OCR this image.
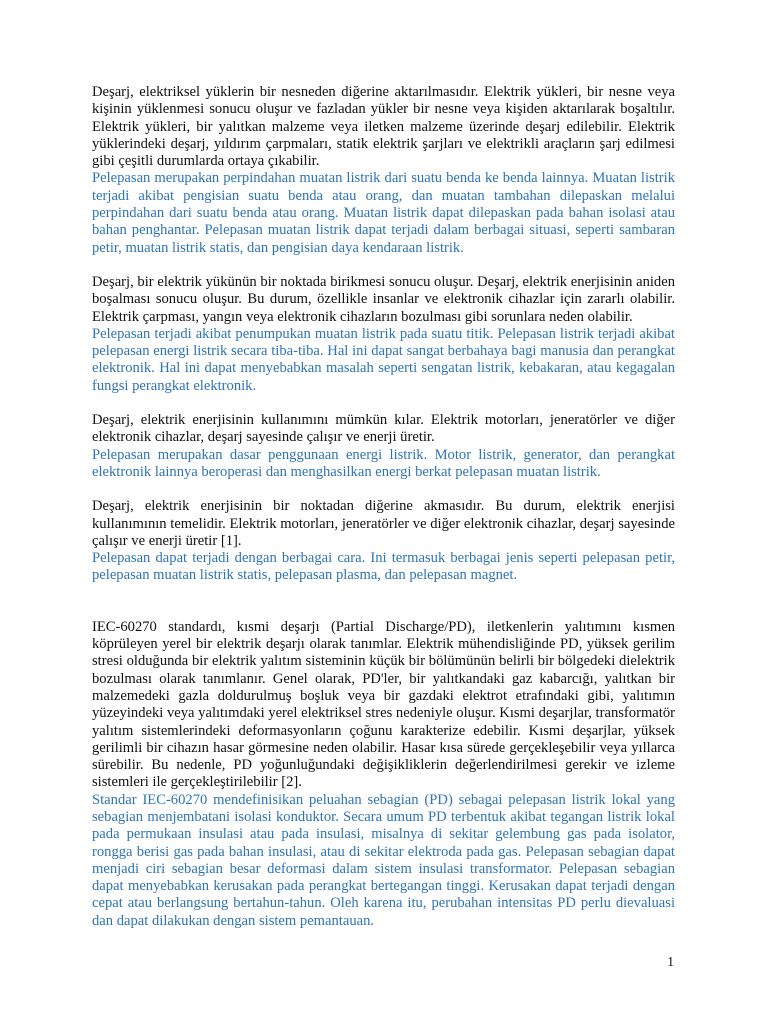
Deşarj, elektriksel yüklerin bir nesneden diğerine aktarılmasıdır. Elektrik yükleri, bir nesne veya kişinin yüklenmesi sonucu oluşur ve fazladan yükler bir nesne veya kişiden aktarılarak boşaltılır. Elektrik yükleri, bir yalıtkan malzeme veya iletken malzeme üzerinde deşarj edilebilir. Elektrik yüklerindeki deşarj, yıldırım çarpmaları, statik elektrik şarjları ve elektrikli araçların şarj edilmesi gibi çeşitli durumlarda ortaya çıkabilir.

Pelepasan merupakan perpindahan muatan listrik dari suatu benda ke benda lainnya. Muatan listrik terjadi akibat pengisian suatu benda atau orang, dan muatan tambahan dilepaskan melalui perpindahan dari suatu benda atau orang. Muatan listrik dapat dilepaskan pada bahan isolasi atau bahan penghantar. Pelepasan muatan listrik dapat terjadi dalam berbagai situasi, seperti sambaran petir, muatan listrik statis, dan pengisian daya kendaraan listrik.

Deşarj, bir elektrik yükünün bir noktada birikmesi sonucu oluşur. Deşarj, elektrik enerjisinin aniden boşalması sonucu oluşur. Bu durum, özellikle insanlar ve elektronik cihazlar için zararlı olabilir. Elektrik çarpması, yangın veya elektronik cihazların bozulması gibi sorunlara neden olabilir.

Pelepasan terjadi akibat penumpukan muatan listrik pada suatu titik. Pelepasan listrik terjadi akibat pelepasan energi listrik secara tiba-tiba. Hal ini dapat sangat berbahaya bagi manusia dan perangkat elektronik. Hal ini dapat menyebabkan masalah seperti sengatan listrik, kebakaran, atau kegagalan fungsi perangkat elektronik.

Deşarj, elektrik enerjisinin kullanımını mümkün kılar. Elektrik motorları, jeneratörler ve diğer elektronik cihazlar, deşarj sayesinde çalışır ve enerji üretir.

Pelepasan merupakan dasar penggunaan energi listrik. Motor listrik, generator, dan perangkat elektronik lainnya beroperasi dan menghasilkan energi berkat pelepasan muatan listrik.

Deşarj, elektrik enerjisinin bir noktadan diğerine akmasıdır. Bu durum, elektrik enerjisi kullanımının temelidir. Elektrik motorları, jeneratörler ve diğer elektronik cihazlar, deşarj sayesinde çalışır ve enerji üretir [1].

Pelepasan dapat terjadi dengan berbagai cara. Ini termasuk berbagai jenis seperti pelepasan petir, pelepasan muatan listrik statis, pelepasan plasma, dan pelepasan magnet.

IEC-60270 standardı, kısmi deşarjı (Partial Discharge/PD), iletkenlerin yalıtımını kısmen köprüleyen yerel bir elektrik deşarjı olarak tanımlar. Elektrik mühendisliğinde PD, yüksek gerilim stresi olduğunda bir elektrik yalıtım sisteminin küçük bir bölümünün belirli bir bölgedeki dielektrik bozulması olarak tanımlanır. Genel olarak, PD'ler, bir yalıtkandaki gaz kabarcığı, yalıtkan bir malzemedeki gazla doldurulmuş boşluk veya bir gazdaki elektrot etrafındaki gibi, yalıtımın yüzeyindeki veya yalıtımdaki yerel elektriksel stres nedeniyle oluşur. Kısmi deşarjlar, transformatör yalıtım sistemlerindeki deformasyonların çoğunu karakterize edebilir. Kısmi deşarjlar, yüksek gerilimli bir cihazın hasar görmesine neden olabilir. Hasar kısa sürede gerçekleşebilir veya yıllarca sürebilir. Bu nedenle, PD yoğunluğundaki değişikliklerin değerlendirilmesi gerekir ve izleme sistemleri ile gerçekleştirilebilir [2].

Standar IEC-60270 mendefinisikan peluahan sebagian (PD) sebagai pelepasan listrik lokal yang sebagian menjembatani isolasi konduktor. Secara umum PD terbentuk akibat tegangan listrik lokal pada permukaan insulasi atau pada insulasi, misalnya di sekitar gelembung gas pada isolator, rongga berisi gas pada bahan insulasi, atau di sekitar elektroda pada gas. Pelepasan sebagian dapat menjadi ciri sebagian besar deformasi dalam sistem insulasi transformator. Pelepasan sebagian dapat menyebabkan kerusakan pada perangkat bertegangan tinggi. Kerusakan dapat terjadi dengan cepat atau berlangsung bertahun-tahun. Oleh karena itu, perubahan intensitas PD perlu dievaluasi dan dapat dilakukan dengan sistem pemantauan.

1
